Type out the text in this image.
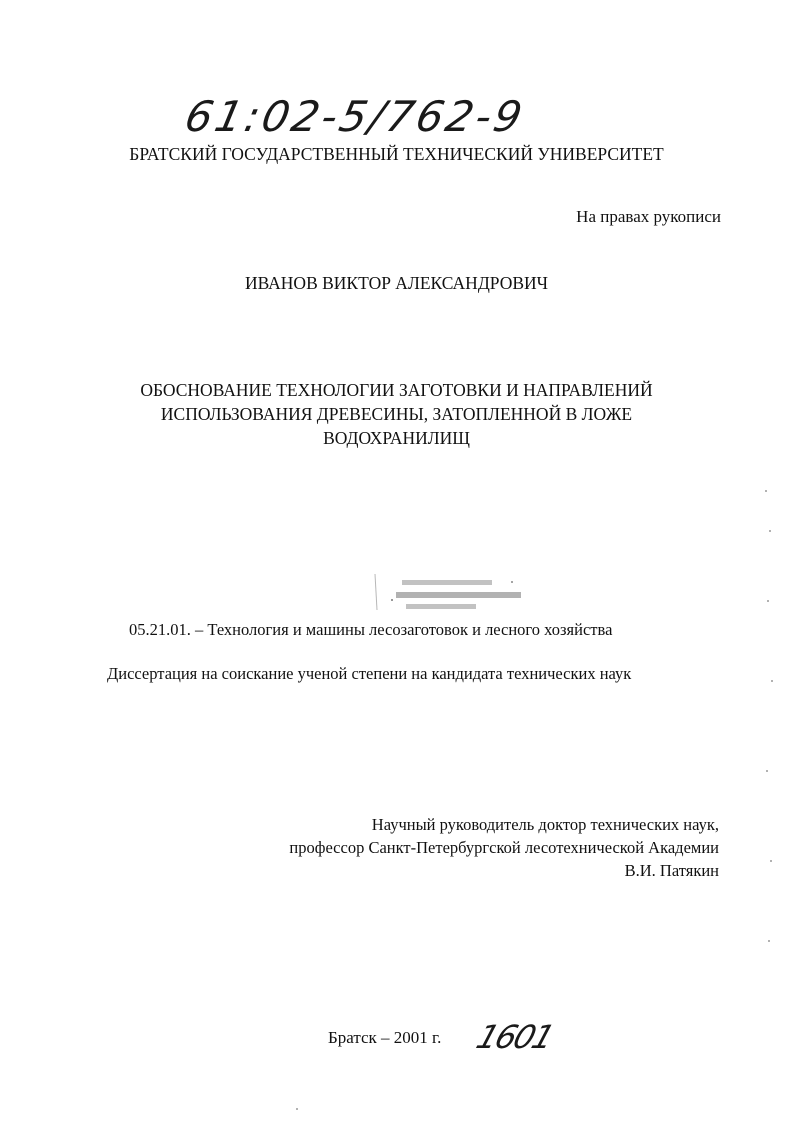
61:02-5/762-9
БРАТСКИЙ ГОСУДАРСТВЕННЫЙ ТЕХНИЧЕСКИЙ УНИВЕРСИТЕТ
На правах рукописи
ИВАНОВ ВИКТОР АЛЕКСАНДРОВИЧ
ОБОСНОВАНИЕ ТЕХНОЛОГИИ ЗАГОТОВКИ И НАПРАВЛЕНИЙ
ИСПОЛЬЗОВАНИЯ ДРЕВЕСИНЫ, ЗАТОПЛЕННОЙ В ЛОЖЕ
ВОДОХРАНИЛИЩ
05.21.01. – Технология и машины лесозаготовок и лесного хозяйства
Диссертация на соискание ученой степени на кандидата технических наук
Научный руководитель доктор технических наук,
профессор Санкт-Петербургской лесотехнической Академии
В.И. Патякин
Братск – 2001 г. 1601
